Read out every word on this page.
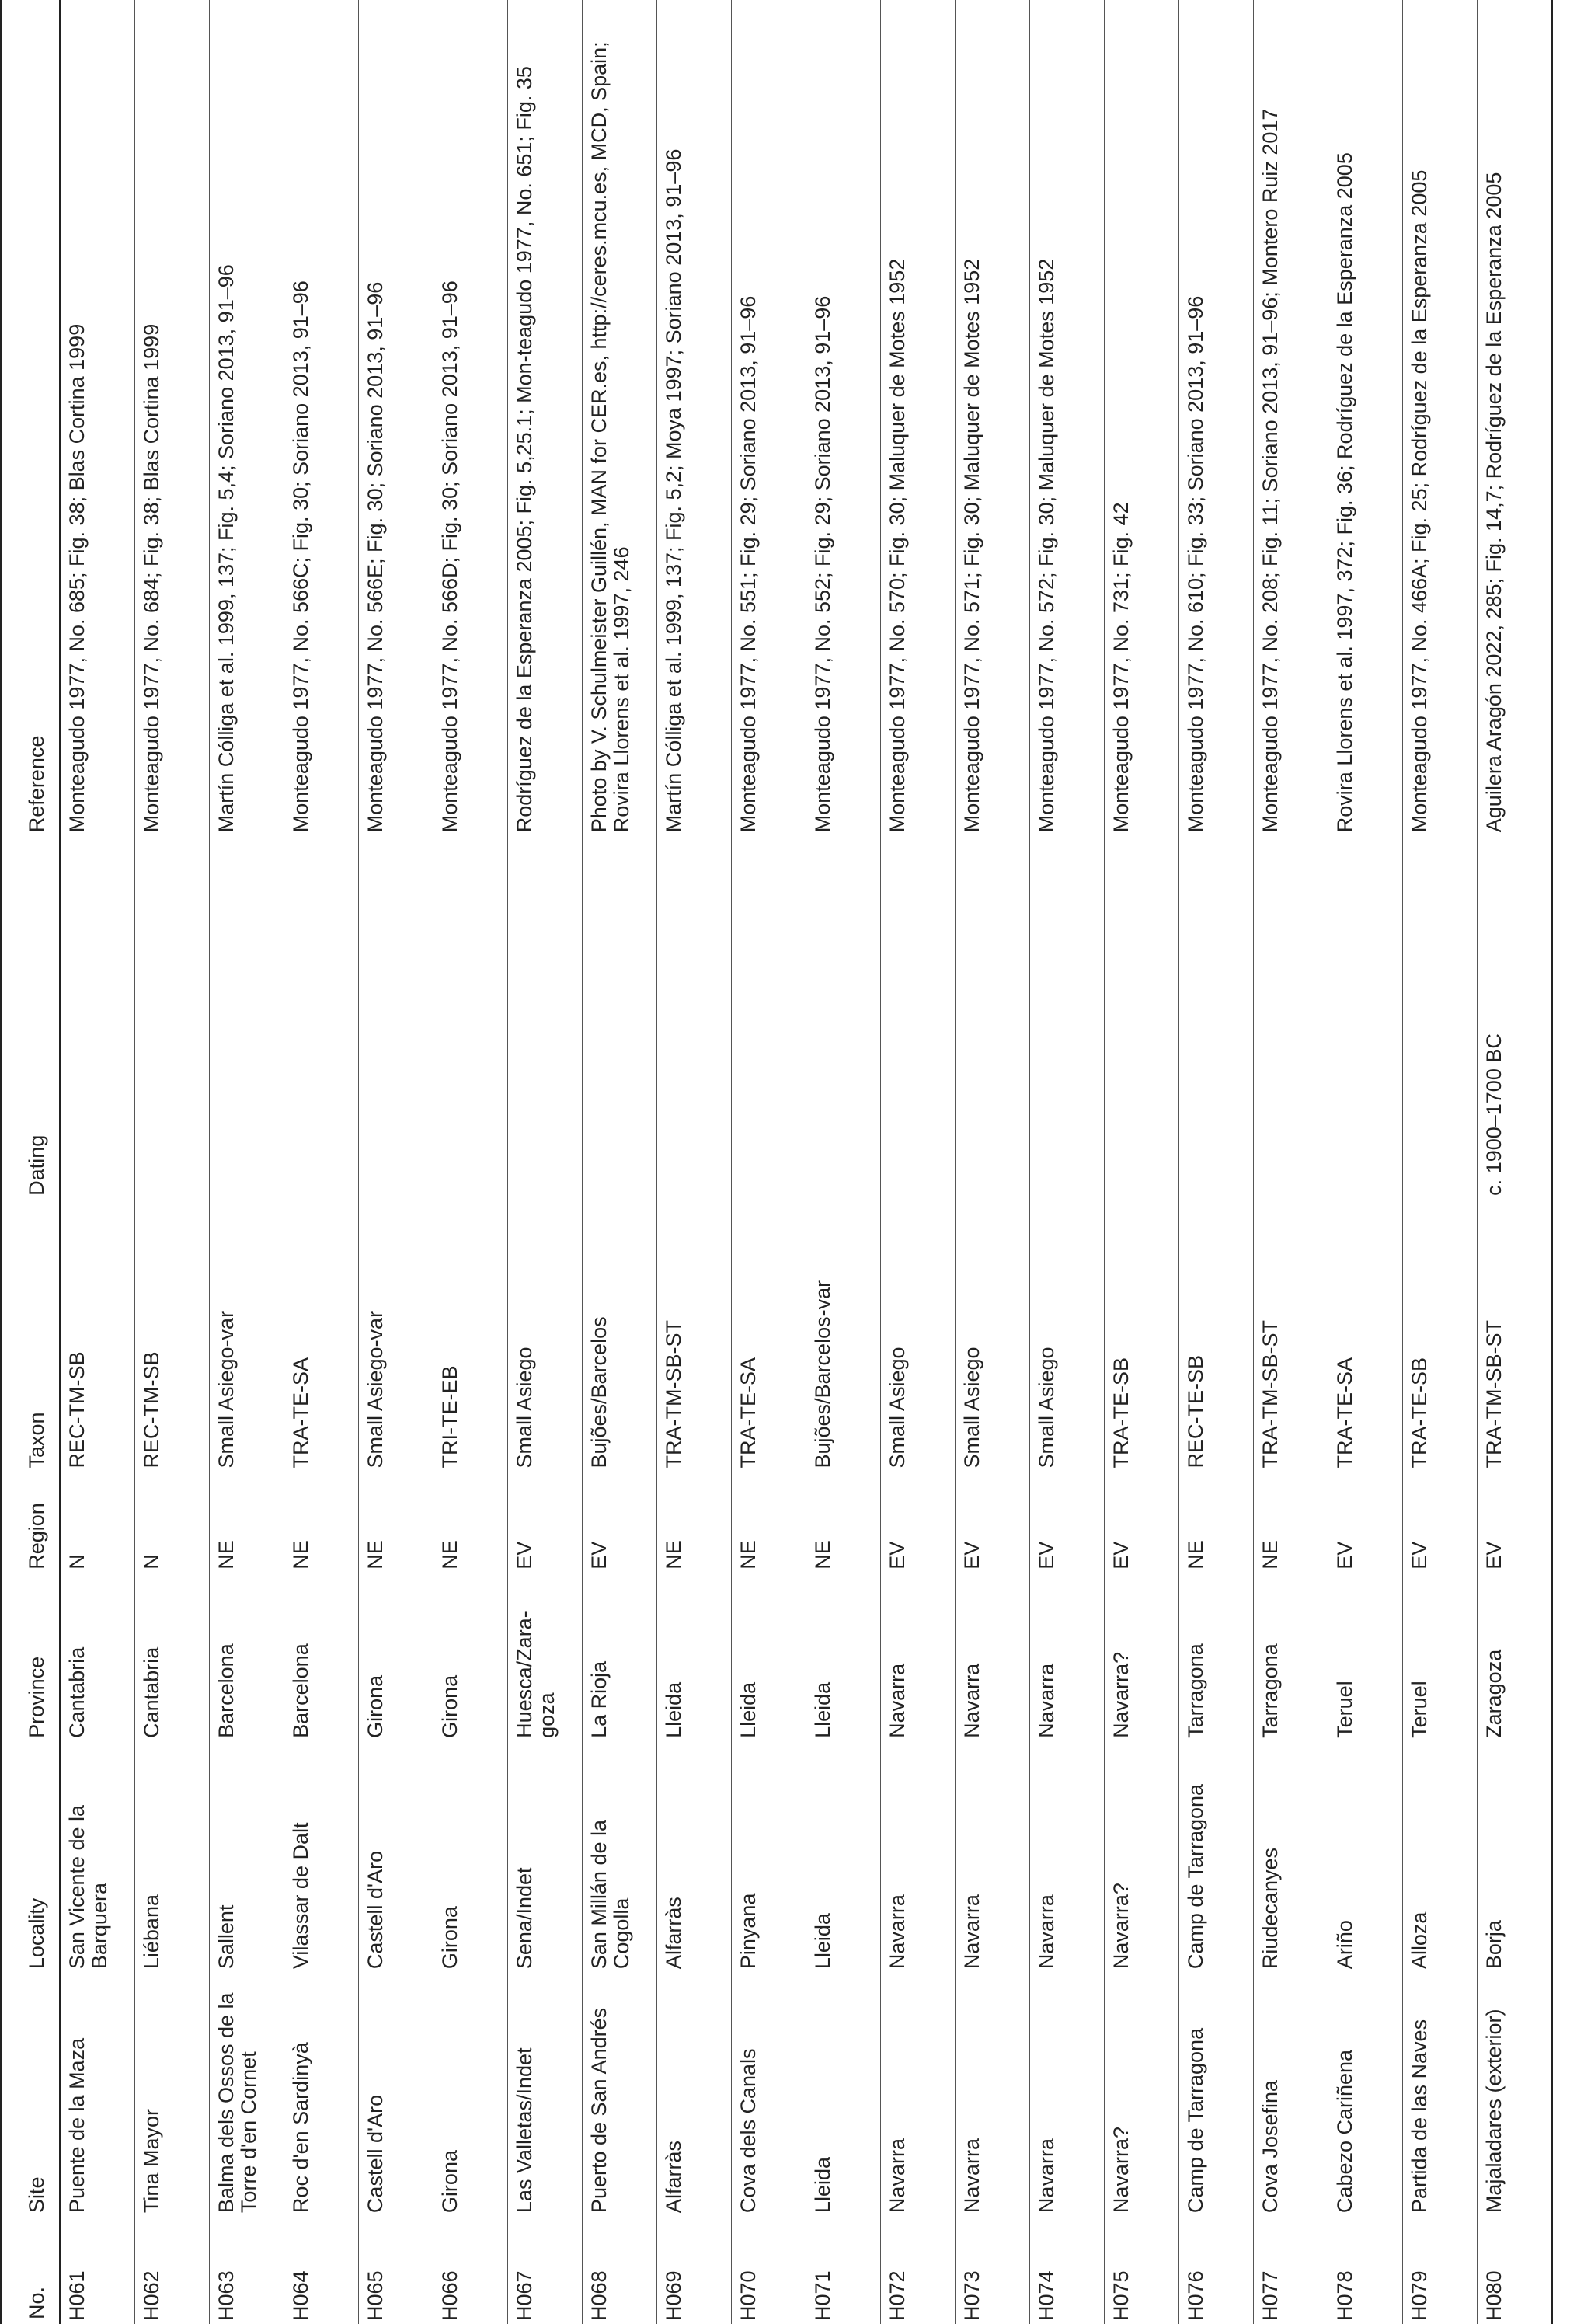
No.	Site	Locality	Province	Region	Taxon	Dating	Reference
H061	Puente de la Maza	San Vicente de la Barquera	Cantabria	N	REC-TM-SB		Monteagudo 1977, No. 685; Fig. 38; Blas Cortina 1999
H062	Tina Mayor	Liébana	Cantabria	N	REC-TM-SB		Monteagudo 1977, No. 684; Fig. 38; Blas Cortina 1999
H063	Balma dels Ossos de la Torre d'en Cornet	Sallent	Barcelona	NE	Small Asiego-var		Martín Cólliga et al. 1999, 137; Fig. 5,4; Soriano 2013, 91–96
H064	Roc d'en Sardinyà	Vilassar de Dalt	Barcelona	NE	TRA-TE-SA		Monteagudo 1977, No. 566C; Fig. 30; Soriano 2013, 91–96
H065	Castell d'Aro	Castell d'Aro	Girona	NE	Small Asiego-var		Monteagudo 1977, No. 566E; Fig. 30; Soriano 2013, 91–96
H066	Girona	Girona	Girona	NE	TRI-TE-EB		Monteagudo 1977, No. 566D; Fig. 30; Soriano 2013, 91–96
H067	Las Valletas/Indet	Sena/Indet	Huesca/Zara-goza	EV	Small Asiego		Rodríguez de la Esperanza 2005; Fig. 5,25.1; Mon-teagudo 1977, No. 651; Fig. 35
H068	Puerto de San Andrés	San Millán de la Cogolla	La Rioja	EV	Bujões/Barcelos		Photo by V. Schulmeister Guillén, MAN for CER.es, http://ceres.mcu.es, MCD, Spain; Rovira Llorens et al. 1997, 246
H069	Alfarràs	Alfarràs	Lleida	NE	TRA-TM-SB-ST		Martín Cólliga et al. 1999, 137; Fig. 5,2; Moya 1997; Soriano 2013, 91–96
H070	Cova dels Canals	Pinyana	Lleida	NE	TRA-TE-SA		Monteagudo 1977, No. 551; Fig. 29; Soriano 2013, 91–96
H071	Lleida	Lleida	Lleida	NE	Bujões/Barcelos-var		Monteagudo 1977, No. 552; Fig. 29; Soriano 2013, 91–96
H072	Navarra	Navarra	Navarra	EV	Small Asiego		Monteagudo 1977, No. 570; Fig. 30; Maluquer de Motes 1952
H073	Navarra	Navarra	Navarra	EV	Small Asiego		Monteagudo 1977, No. 571; Fig. 30; Maluquer de Motes 1952
H074	Navarra	Navarra	Navarra	EV	Small Asiego		Monteagudo 1977, No. 572; Fig. 30; Maluquer de Motes 1952
H075	Navarra?	Navarra?	Navarra?	EV	TRA-TE-SB		Monteagudo 1977, No. 731; Fig. 42
H076	Camp de Tarragona	Camp de Tarragona	Tarragona	NE	REC-TE-SB		Monteagudo 1977, No. 610; Fig. 33; Soriano 2013, 91–96
H077	Cova Josefina	Riudecanyes	Tarragona	NE	TRA-TM-SB-ST		Monteagudo 1977, No. 208; Fig. 11; Soriano 2013, 91–96; Montero Ruiz 2017
H078	Cabezo Cariñena	Ariño	Teruel	EV	TRA-TE-SA		Rovira Llorens et al. 1997, 372; Fig. 36; Rodríguez de la Esperanza 2005
H079	Partida de las Naves	Alloza	Teruel	EV	TRA-TE-SB		Monteagudo 1977, No. 466A; Fig. 25; Rodríguez de la Esperanza 2005
H080	Majaladares (exterior)	Borja	Zaragoza	EV	TRA-TM-SB-ST	c. 1900–1700 BC	Aguilera Aragón 2022, 285; Fig. 14,7; Rodríguez de la Esperanza 2005
